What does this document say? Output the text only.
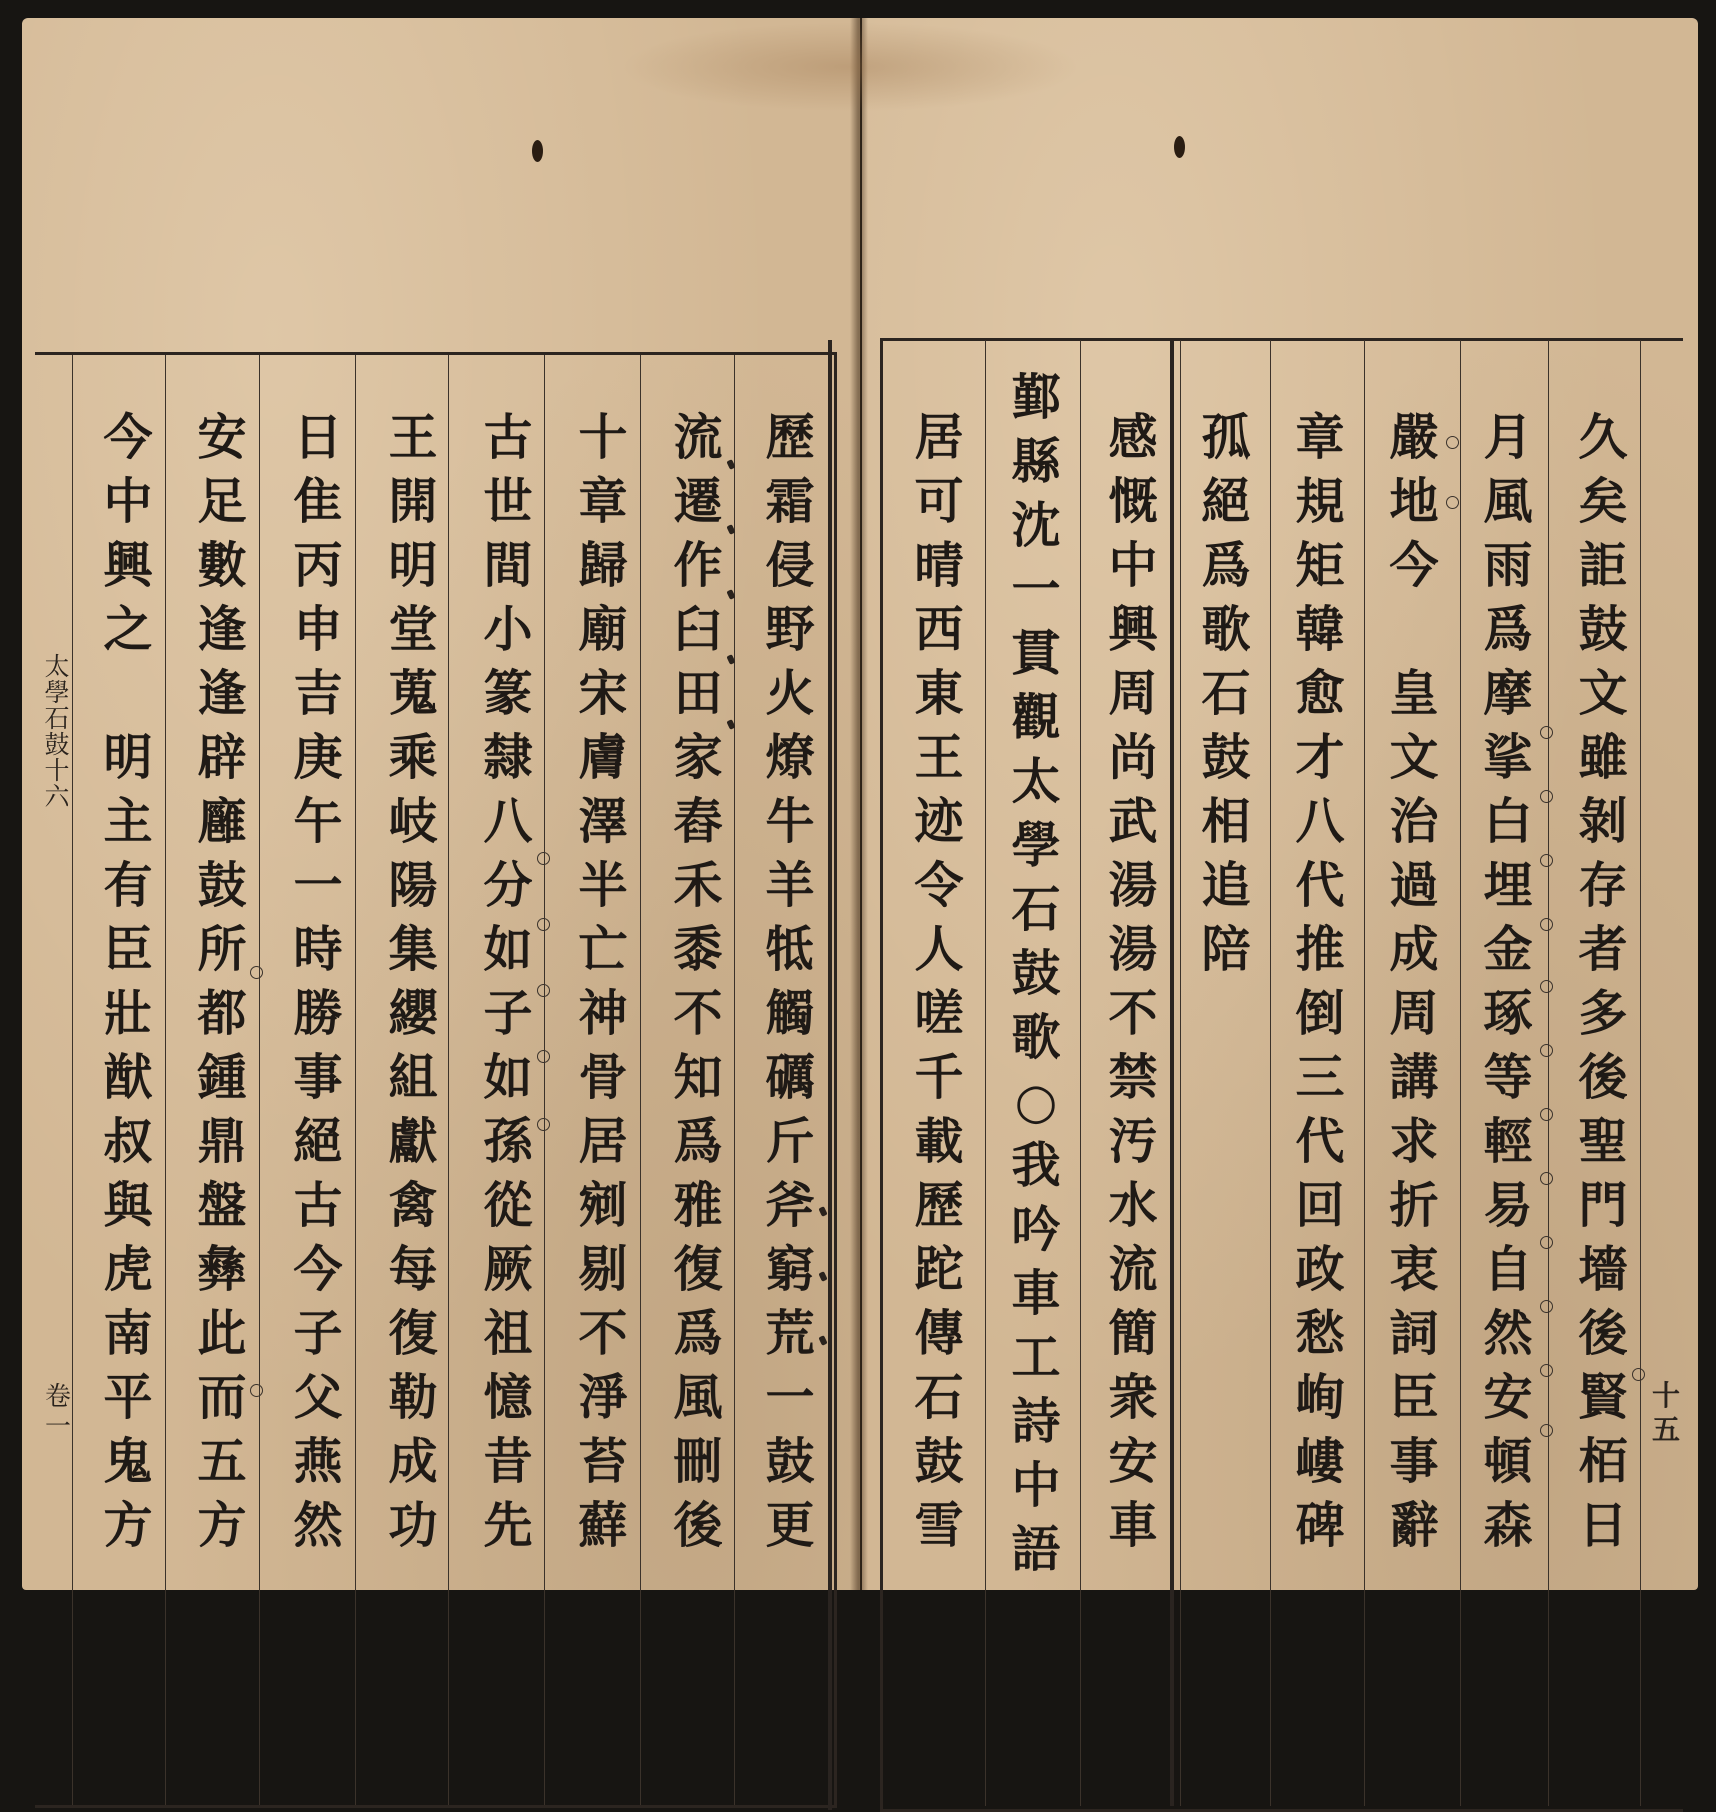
太
學
石
鼓
十
六
卷
一
十
五
歷
霜
侵
野
火
燎
牛
羊
牴
觸
礪
斤
斧
窮
荒
一
鼓
更
流
遷
作
臼
田
家
舂
禾
黍
不
知
爲
雅
復
爲
風
刪
後
十
章
歸
廟
宋
膚
澤
半
亡
神
骨
居
剜
剔
不
淨
苔
蘚
古
世
間
小
篆
隸
八
分
如
子
如
孫
從
厥
祖
憶
昔
先
王
開
明
堂
蒐
乘
岐
陽
集
纓
組
獻
禽
每
復
勒
成
功
日
隹
丙
申
吉
庚
午
一
時
勝
事
絕
古
今
子
父
燕
然
安
足
數
逢
逢
辟
廱
鼓
所
都
鍾
鼎
盤
彝
此
而
五
方
今
中
興
之

明
主
有
臣
壯
猷
叔
與
虎
南
平
鬼
方
久
矣
詎
鼓
文
雖
剝
存
者
多
後
聖
門
墻
後
賢
栢
日
月
風
雨
爲
摩
挲
白
埋
金
琢
等
輕
易
自
然
安
頓
森
嚴
地
今

皇
文
治
過
成
周
講
求
折
衷
詞
臣
事
辭
章
規
矩
韓
愈
才
八
代
推
倒
三
代
回
政
愁
峋
嶁
碑
孤
絕
爲
歌
石
鼓
相
追
陪
感
慨
中
興
周
尚
武
湯
湯
不
禁
汚
水
流
簡
衆
安
車
鄞
縣
沈
一
貫
觀
太
學
石
鼓
歌
○
我
吟
車
工
詩
中
語
居
可
晴
西
東
王
迹
令
人
嗟
千
載
歷
跎
傳
石
鼓
雪
